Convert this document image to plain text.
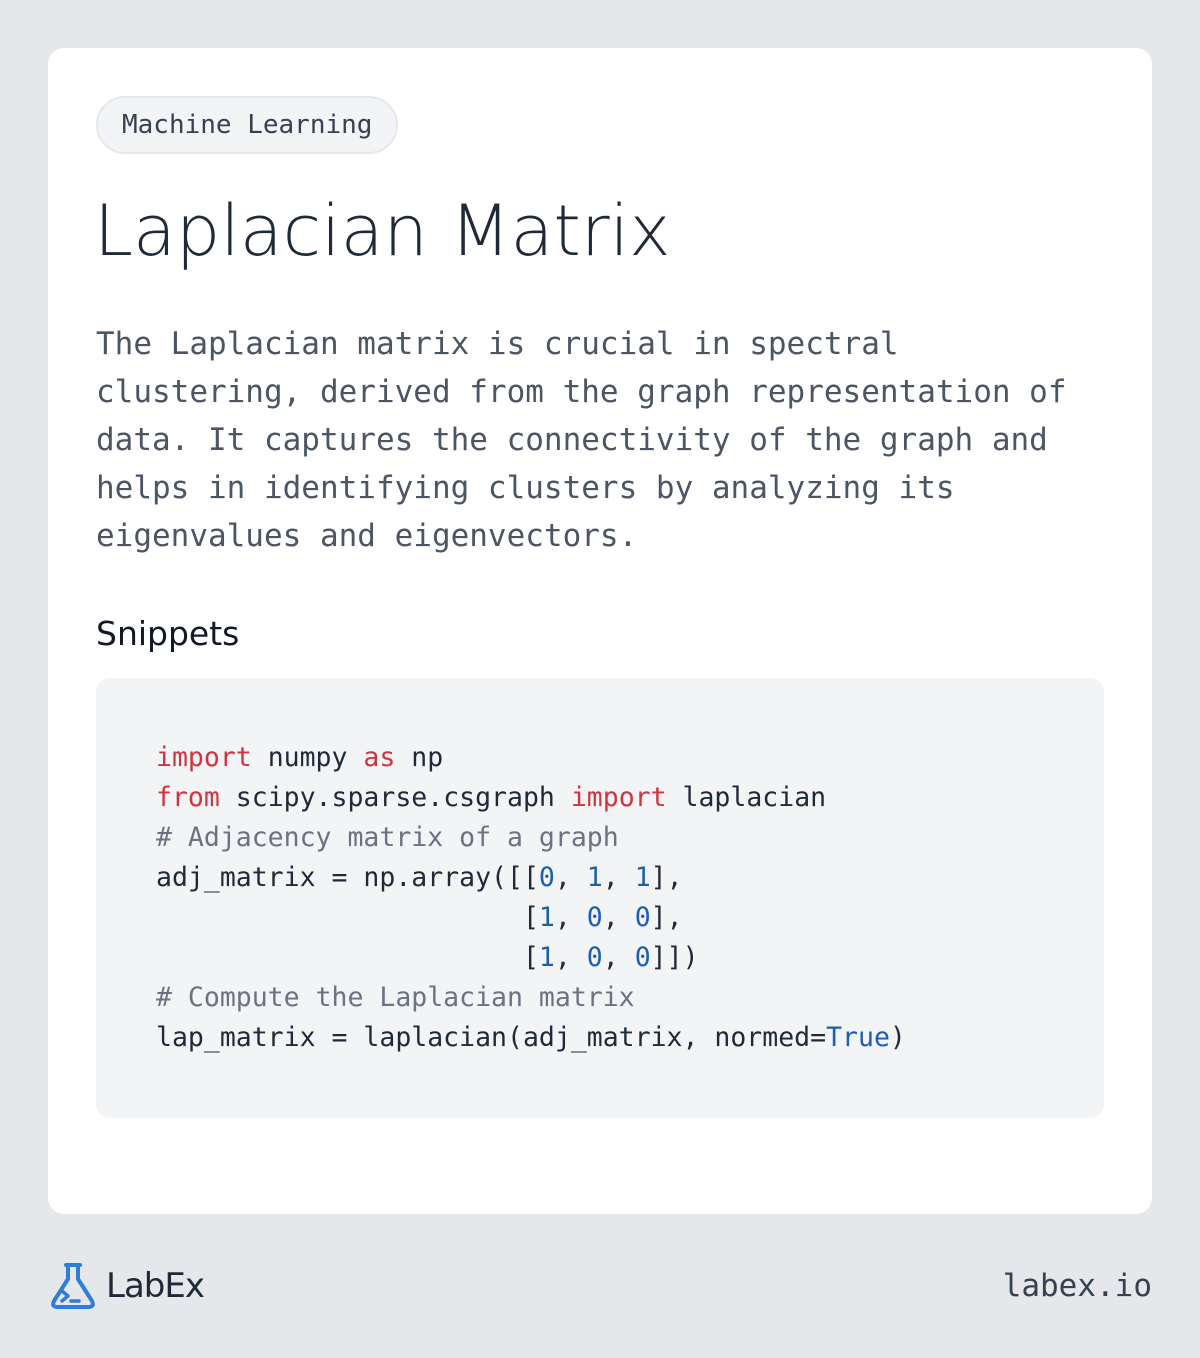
Machine Learning
Laplacian Matrix

The Laplacian matrix is crucial in spectral clustering, derived from the graph representation of data. It captures the connectivity of the graph and helps in identifying clusters by analyzing its eigenvalues and eigenvectors.

Snippets
import numpy as np
from scipy.sparse.csgraph import laplacian
# Adjacency matrix of a graph
adj_matrix = np.array([[0, 1, 1],
[1, 0, 0],
[1, 0, 0]])
# Compute the Laplacian matrix
lap_matrix = laplacian(adj_matrix, normed=True)
LabEx	labex.io
